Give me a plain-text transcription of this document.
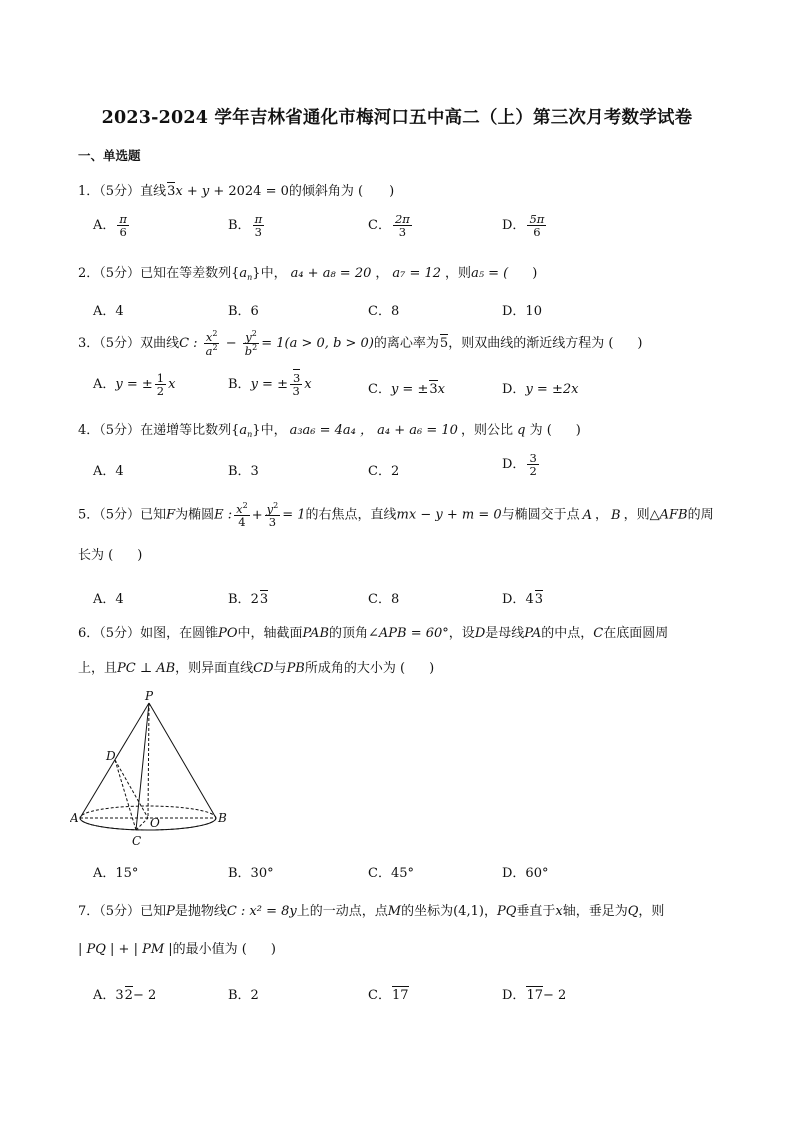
2023-2024 学年吉林省通化市梅河口五中高二（上）第三次月考数学试卷
一、单选题
1．（5分）直线3x + y + 2024 = 0的倾斜角为 ( )
A． $\frac{\pi}{6}$	B． $\frac{\pi}{3}$	C． $\frac{2\pi}{3}$	D． $\frac{5\pi}{6}$
2．（5分）已知在等差数列$\{a_n\}$中， a₄ + a₈ = 20 ， a₇ = 12 ，则a₅ = ( )
A．4	B．6	C．8	D．10
3．（5分）双曲线C : $\frac{x^2}{a^2} - \frac{y^2}{b^2} = 1(a > 0$, b > 0)的离心率为5，则双曲线的渐近线方程为 ( )
A．y = ± $\frac{1}{2}$ x	B．y = ± $\frac{3}{3}$ x	C．y = ±3x	D．y = ±2x
4．（5分）在递增等比数列$\{a_n\}$中， a₃a₆ = 4a₄ ， a₄ + a₆ = 10 ，则公比 q 为 ( )
A．4	B．3	C．2	D． $\frac{3}{2}$
5．（5分）已知F为椭圆E : $\frac{x^2}{4} + \frac{y^2}{3} = 1$的右焦点，直线mx − y + m = 0与椭圆交于点 A ， B ，则△AFB的周
长为 ( )
A．4	B．23	C．8	D．43
6．（5分）如图，在圆锥PO中，轴截面PAB的顶角∠APB = 60°，设D是母线PA的中点，C在底面圆周
上，且PC ⊥ AB，则异面直线CD与PB所成角的大小为 ( )
P
D
A	O	B
C
A．15°	B．30°	C．45°	D．60°
7．（5分）已知P是抛物线C : x² = 8y上的一动点，点M的坐标为(4,1)，PQ垂直于x轴，垂足为Q，则
| PQ | + | PM |的最小值为 ( )
A．32− 2	B．2	C．17	D．17− 2
